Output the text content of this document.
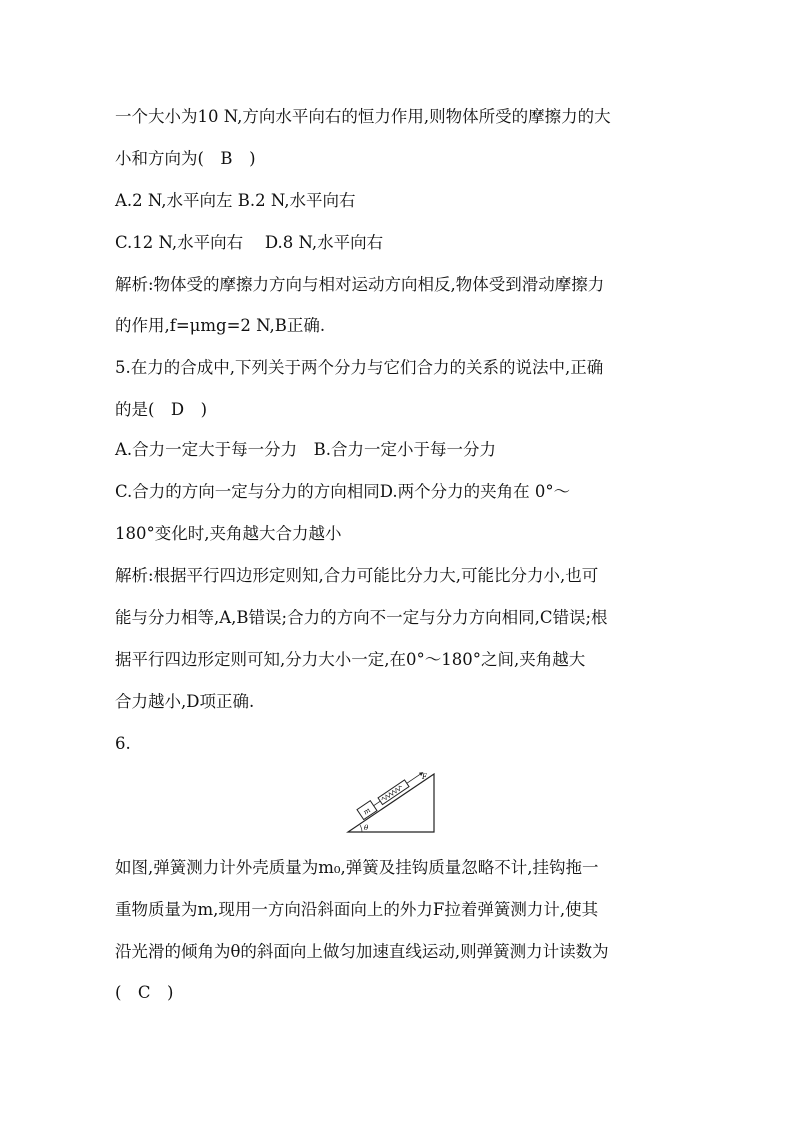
一个大小为10 N,方向水平向右的恒力作用,则物体所受的摩擦力的大
小和方向为(　B　)
A.2 N,水平向左 B.2 N,水平向右
C.12 N,水平向右　 D.8 N,水平向右
解析:物体受的摩擦力方向与相对运动方向相反,物体受到滑动摩擦力
的作用,f=μmg=2 N,B正确.
5.在力的合成中,下列关于两个分力与它们合力的关系的说法中,正确
的是(　D　)
A.合力一定大于每一分力　B.合力一定小于每一分力
C.合力的方向一定与分力的方向相同D.两个分力的夹角在 0°～
180°变化时,夹角越大合力越小
解析:根据平行四边形定则知,合力可能比分力大,可能比分力小,也可
能与分力相等,A,B错误;合力的方向不一定与分力方向相同,C错误;根
据平行四边形定则可知,分力大小一定,在0°～180°之间,夹角越大
合力越小,D项正确.
6.
m
F
θ
如图,弹簧测力计外壳质量为m₀,弹簧及挂钩质量忽略不计,挂钩拖一
重物质量为m,现用一方向沿斜面向上的外力F拉着弹簧测力计,使其
沿光滑的倾角为θ的斜面向上做匀加速直线运动,则弹簧测力计读数为
(　C　)
